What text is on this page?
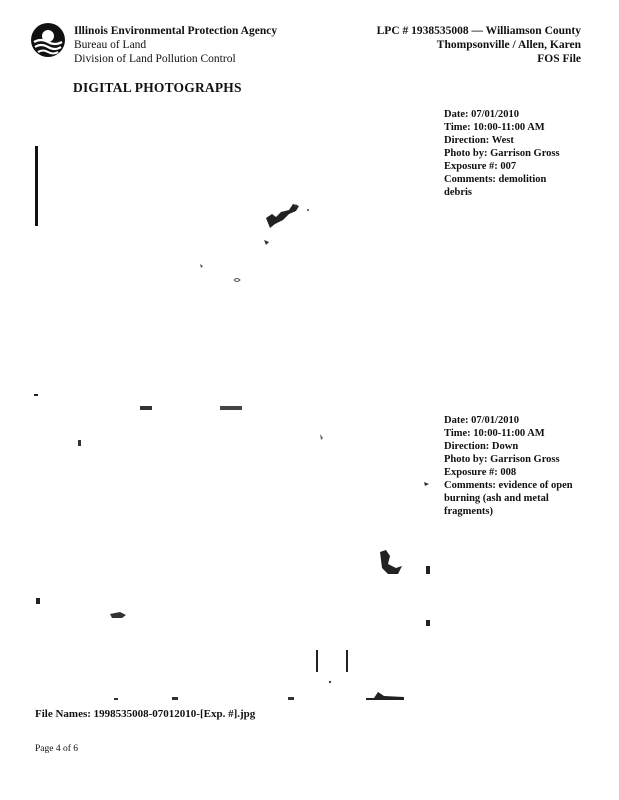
Illinois Environmental Protection Agency
Bureau of Land
Division of Land Pollution Control
LPC # 1938535008 — Williamson County
Thompsonville / Allen, Karen
FOS File
DIGITAL PHOTOGRAPHS
Date: 07/01/2010
Time: 10:00-11:00 AM
Direction: West
Photo by: Garrison Gross
Exposure #: 007
Comments: demolition debris
Date: 07/01/2010
Time: 10:00-11:00 AM
Direction: Down
Photo by: Garrison Gross
Exposure #: 008
Comments: evidence of open burning (ash and metal fragments)
File Names: 1998535008-07012010-[Exp. #].jpg
Page 4 of 6
